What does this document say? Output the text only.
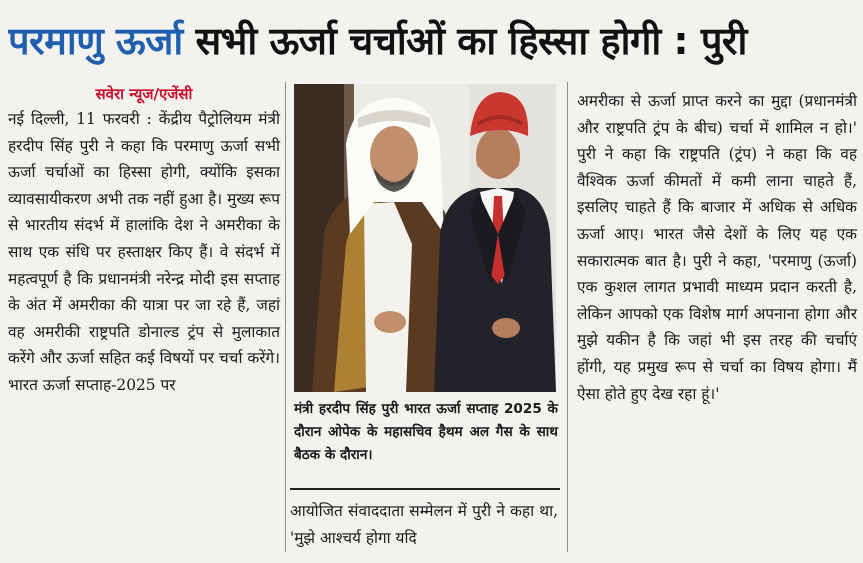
परमाणु ऊर्जा सभी ऊर्जा चर्चाओं का हिस्सा होगी : पुरी
सवेरा न्यूज/एजेंसी

नई दिल्ली, 11 फरवरी : केंद्रीय पैट्रोलियम मंत्री हरदीप सिंह पुरी ने कहा कि परमाणु ऊर्जा सभी ऊर्जा चर्चाओं का हिस्सा होगी, क्योंकि इसका व्यावसायीकरण अभी तक नहीं हुआ है। मुख्य रूप से भारतीय संदर्भ में हालांकि देश ने अमरीका के साथ एक संधि पर हस्ताक्षर किए हैं। वे संदर्भ में महत्वपूर्ण है कि प्रधानमंत्री नरेन्द्र मोदी इस सप्ताह के अंत में अमरीका की यात्रा पर जा रहे हैं, जहां वह अमरीकी राष्ट्रपति डोनाल्ड ट्रंप से मुलाकात करेंगे और ऊर्जा सहित कई विषयों पर चर्चा करेंगे। भारत ऊर्जा सप्ताह-2025 पर

मंत्री हरदीप सिंह पुरी भारत ऊर्जा सप्ताह 2025 के दौरान ओपेक के महासचिव हैथम अल गैस के साथ बैठक के दौरान।

आयोजित संवाददाता सम्मेलन में पुरी ने कहा था, 'मुझे आश्चर्य होगा यदि

अमरीका से ऊर्जा प्राप्त करने का मुद्दा (प्रधानमंत्री और राष्ट्रपति ट्रंप के बीच) चर्चा में शामिल न हो।' पुरी ने कहा कि राष्ट्रपति (ट्रंप) ने कहा कि वह वैश्विक ऊर्जा कीमतों में कमी लाना चाहते हैं, इसलिए चाहते हैं कि बाजार में अधिक से अधिक ऊर्जा आए। भारत जैसे देशों के लिए यह एक सकारात्मक बात है। पुरी ने कहा, 'परमाणु (ऊर्जा) एक कुशल लागत प्रभावी माध्यम प्रदान करती है, लेकिन आपको एक विशेष मार्ग अपनाना होगा और मुझे यकीन है कि जहां भी इस तरह की चर्चाएं होंगी, यह प्रमुख रूप से चर्चा का विषय होगा। मैं ऐसा होते हुए देख रहा हूं।'
